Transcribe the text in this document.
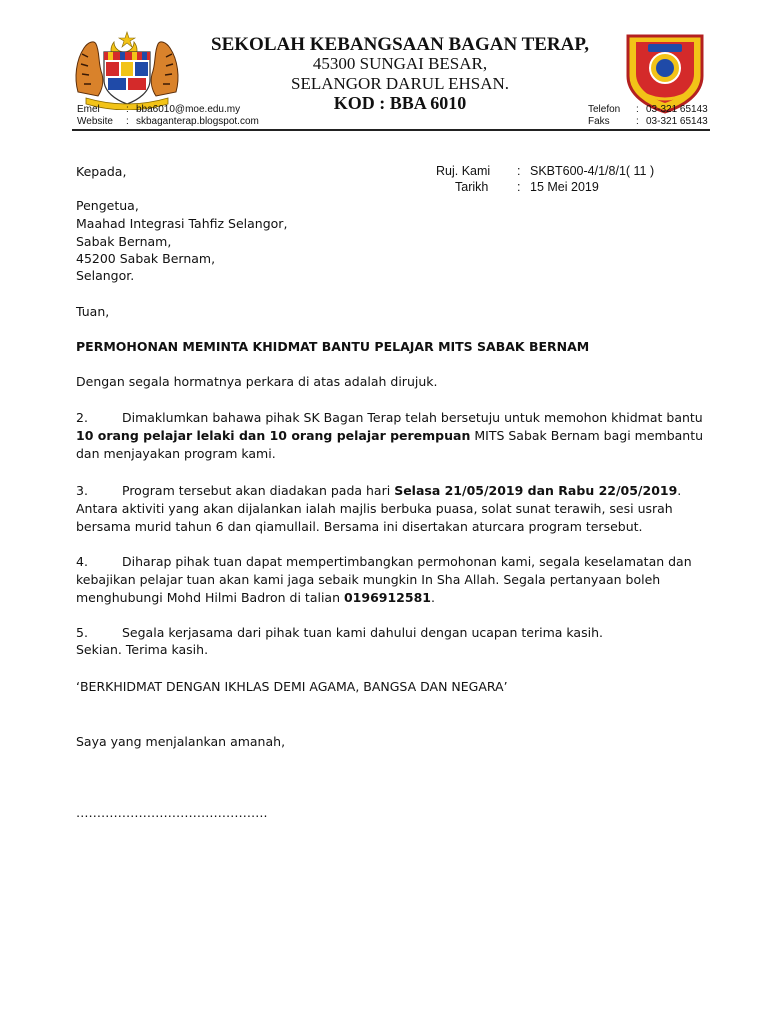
SEKOLAH KEBANGSAAN BAGAN TERAP,
45300 SUNGAI BESAR,
SELANGOR DARUL EHSAN.
KOD : BBA 6010
Emel	: bba6010@moe.edu.my
Website : skbaganterap.blogspot.com
Telefon : 03-321 65143
Faks	: 03-321 65143
Kepada,	Ruj. Kami : SKBT600-4/1/8/1( 11 )
Tarikh : 15 Mei 2019
Pengetua,
Maahad Integrasi Tahfiz Selangor,
Sabak Bernam,
45200 Sabak Bernam,
Selangor.
Tuan,
PERMOHONAN MEMINTA KHIDMAT BANTU PELAJAR MITS SABAK BERNAM
Dengan segala hormatnya perkara di atas adalah dirujuk.
2.	Dimaklumkan bahawa pihak SK Bagan Terap telah bersetuju untuk memohon khidmat bantu 10 orang pelajar lelaki dan 10 orang pelajar perempuan MITS Sabak Bernam bagi membantu dan menjayakan program kami.
3.	Program tersebut akan diadakan pada hari Selasa 21/05/2019 dan Rabu 22/05/2019. Antara aktiviti yang akan dijalankan ialah majlis berbuka puasa, solat sunat terawih, sesi usrah bersama murid tahun 6 dan qiamullail. Bersama ini disertakan aturcara program tersebut.
4.	Diharap pihak tuan dapat mempertimbangkan permohonan kami, segala keselamatan dan kebajikan pelajar tuan akan kami jaga sebaik mungkin In Sha Allah. Segala pertanyaan boleh menghubungi Mohd Hilmi Badron di talian 0196912581.
5.	Segala kerjasama dari pihak tuan kami dahului dengan ucapan terima kasih.
Sekian. Terima kasih.
‘BERKHIDMAT DENGAN IKHLAS DEMI AGAMA, BANGSA DAN NEGARA’
Saya yang menjalankan amanah,
……………………………………….
